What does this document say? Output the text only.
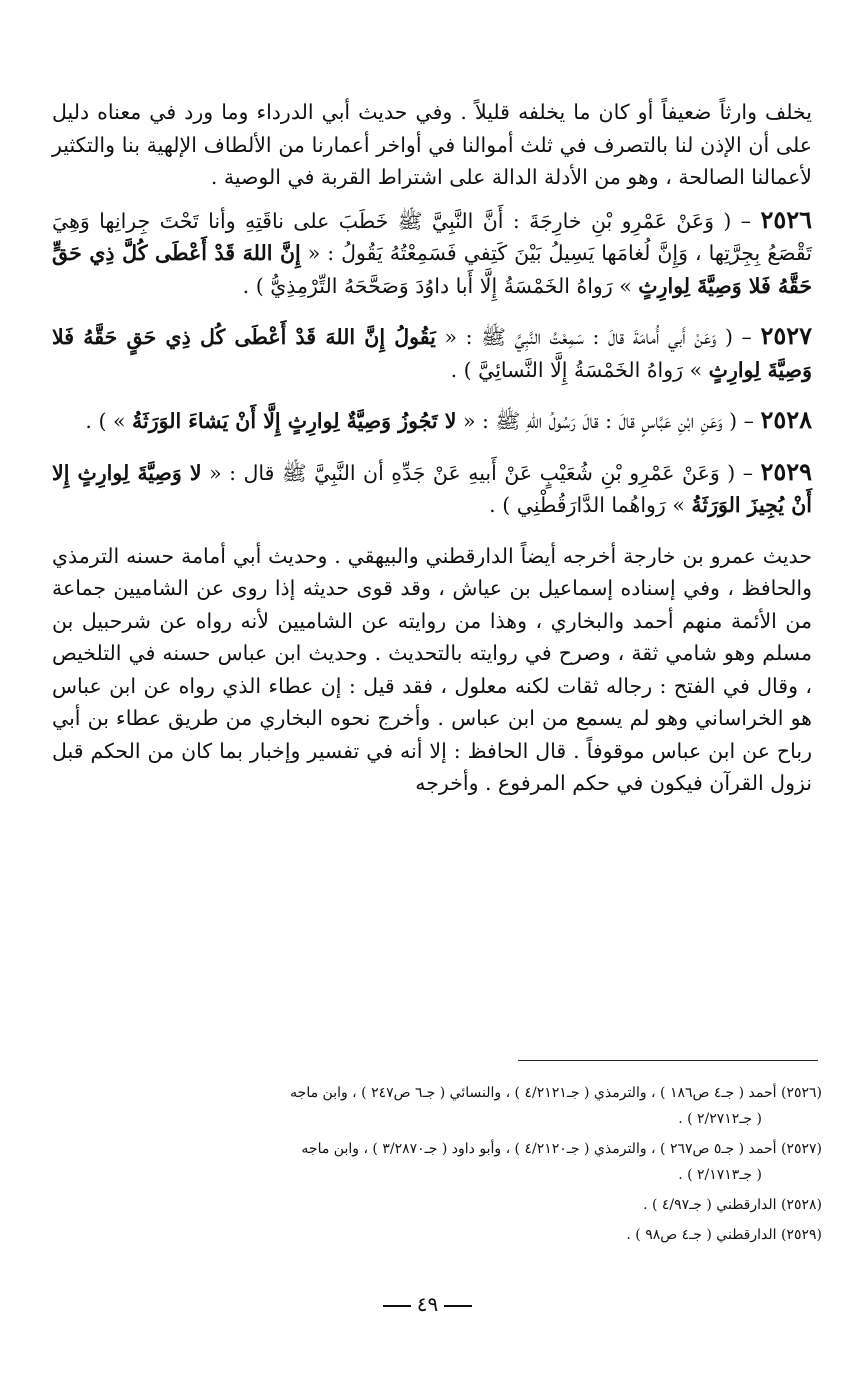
يخلف وارثاً ضعيفاً أو كان ما يخلفه قليلاً . وفي حديث أبي الدرداء وما ورد في معناه دليل على أن الإذن لنا بالتصرف في ثلث أموالنا في أواخر أعمارنا من الألطاف الإلهية بنا والتكثير لأعمالنا الصالحة ، وهو من الأدلة الدالة على اشتراط القربة في الوصية .

٢٥٢٦ – ( وَعَنْ عَمْرِو بْنِ خارِجَةَ : أَنَّ النَّبِيَّ ﷺ خَطَبَ على ناقَتِهِ وأنا تَحْتَ جِرانِها وَهِيَ تَقْصَعُ بِجِرَّتِها ، وَإِنَّ لُغامَها يَسِيلُ بَيْنَ كَتِفي فَسَمِعْتُهُ يَقُولُ : « إِنَّ اللهَ قَدْ أَعْطَى كُلَّ ذِي حَقٍّ حَقَّهُ فَلا وَصِيَّةَ لِوارِثٍ » رَواهُ الخَمْسَةُ إِلَّا أَبا داوُدَ وَصَحَّحَهُ التِّرْمِذِيُّ ) .

٢٥٢٧ – ( وَعَنْ أَبي أُمامَةَ قالَ : سَمِعْتُ النَّبِيَّ ﷺ : « يَقُولُ إِنَّ اللهَ قَدْ أَعْطَى كُل ذِي حَقٍ حَقَّهُ فَلا وَصِيَّةَ لِوارِثٍ » رَواهُ الخَمْسَةُ إِلَّا النَّسائِيَّ ) .

٢٥٢٨ – ( وَعَنِ ابْنِ عَبَّاسٍ قالَ : قالَ رَسُولُ اللهِ ﷺ : « لا تَجُوزُ وَصِيَّةٌ لِوارِثٍ إِلَّا أَنْ يَشاءَ الوَرَثَةُ » ) .

٢٥٢٩ – ( وَعَنْ عَمْرِو بْنِ شُعَيْبٍ عَنْ أَبيهِ عَنْ جَدِّهِ أن النَّبِيَّ ﷺ قال : « لا وَصِيَّةَ لِوارِثٍ إِلا أَنْ يُجِيزَ الوَرَثَةُ » رَواهُما الدَّارَقُطْنِي ) .

حديث عمرو بن خارجة أخرجه أيضاً الدارقطني والبيهقي . وحديث أبي أمامة حسنه الترمذي والحافظ ، وفي إسناده إسماعيل بن عياش ، وقد قوى حديثه إذا روى عن الشاميين جماعة من الأئمة منهم أحمد والبخاري ، وهذا من روايته عن الشاميين لأنه رواه عن شرحبيل بن مسلم وهو شامي ثقة ، وصرح في روايته بالتحديث . وحديث ابن عباس حسنه في التلخيص ، وقال في الفتح : رجاله ثقات لكنه معلول ، فقد قيل : إن عطاء الذي رواه عن ابن عباس هو الخراساني وهو لم يسمع من ابن عباس . وأخرج نحوه البخاري من طريق عطاء بن أبي رباح عن ابن عباس موقوفاً . قال الحافظ : إلا أنه في تفسير وإخبار بما كان من الحكم قبل نزول القرآن فيكون في حكم المرفوع . وأخرجه

(٢٥٢٦) أحمد ( جـ٤ ص١٨٦ ) ، والترمذي ( جـ٤/٢١٢١ ) ، والنسائي ( جـ٦ ص٢٤٧ ) ، وابن ماجه
( جـ٢/٢٧١٢ ) .
(٢٥٢٧) أحمد ( جـ٥ ص٢٦٧ ) ، والترمذي ( جـ٤/٢١٢٠ ) ، وأبو داود ( جـ٣/٢٨٧٠ ) ، وابن ماجه
( جـ٢/١٧١٣ ) .
(٢٥٢٨) الدارقطني ( جـ٤/٩٧ ) .
(٢٥٢٩) الدارقطني ( جـ٤ ص٩٨ ) .
٤٩
